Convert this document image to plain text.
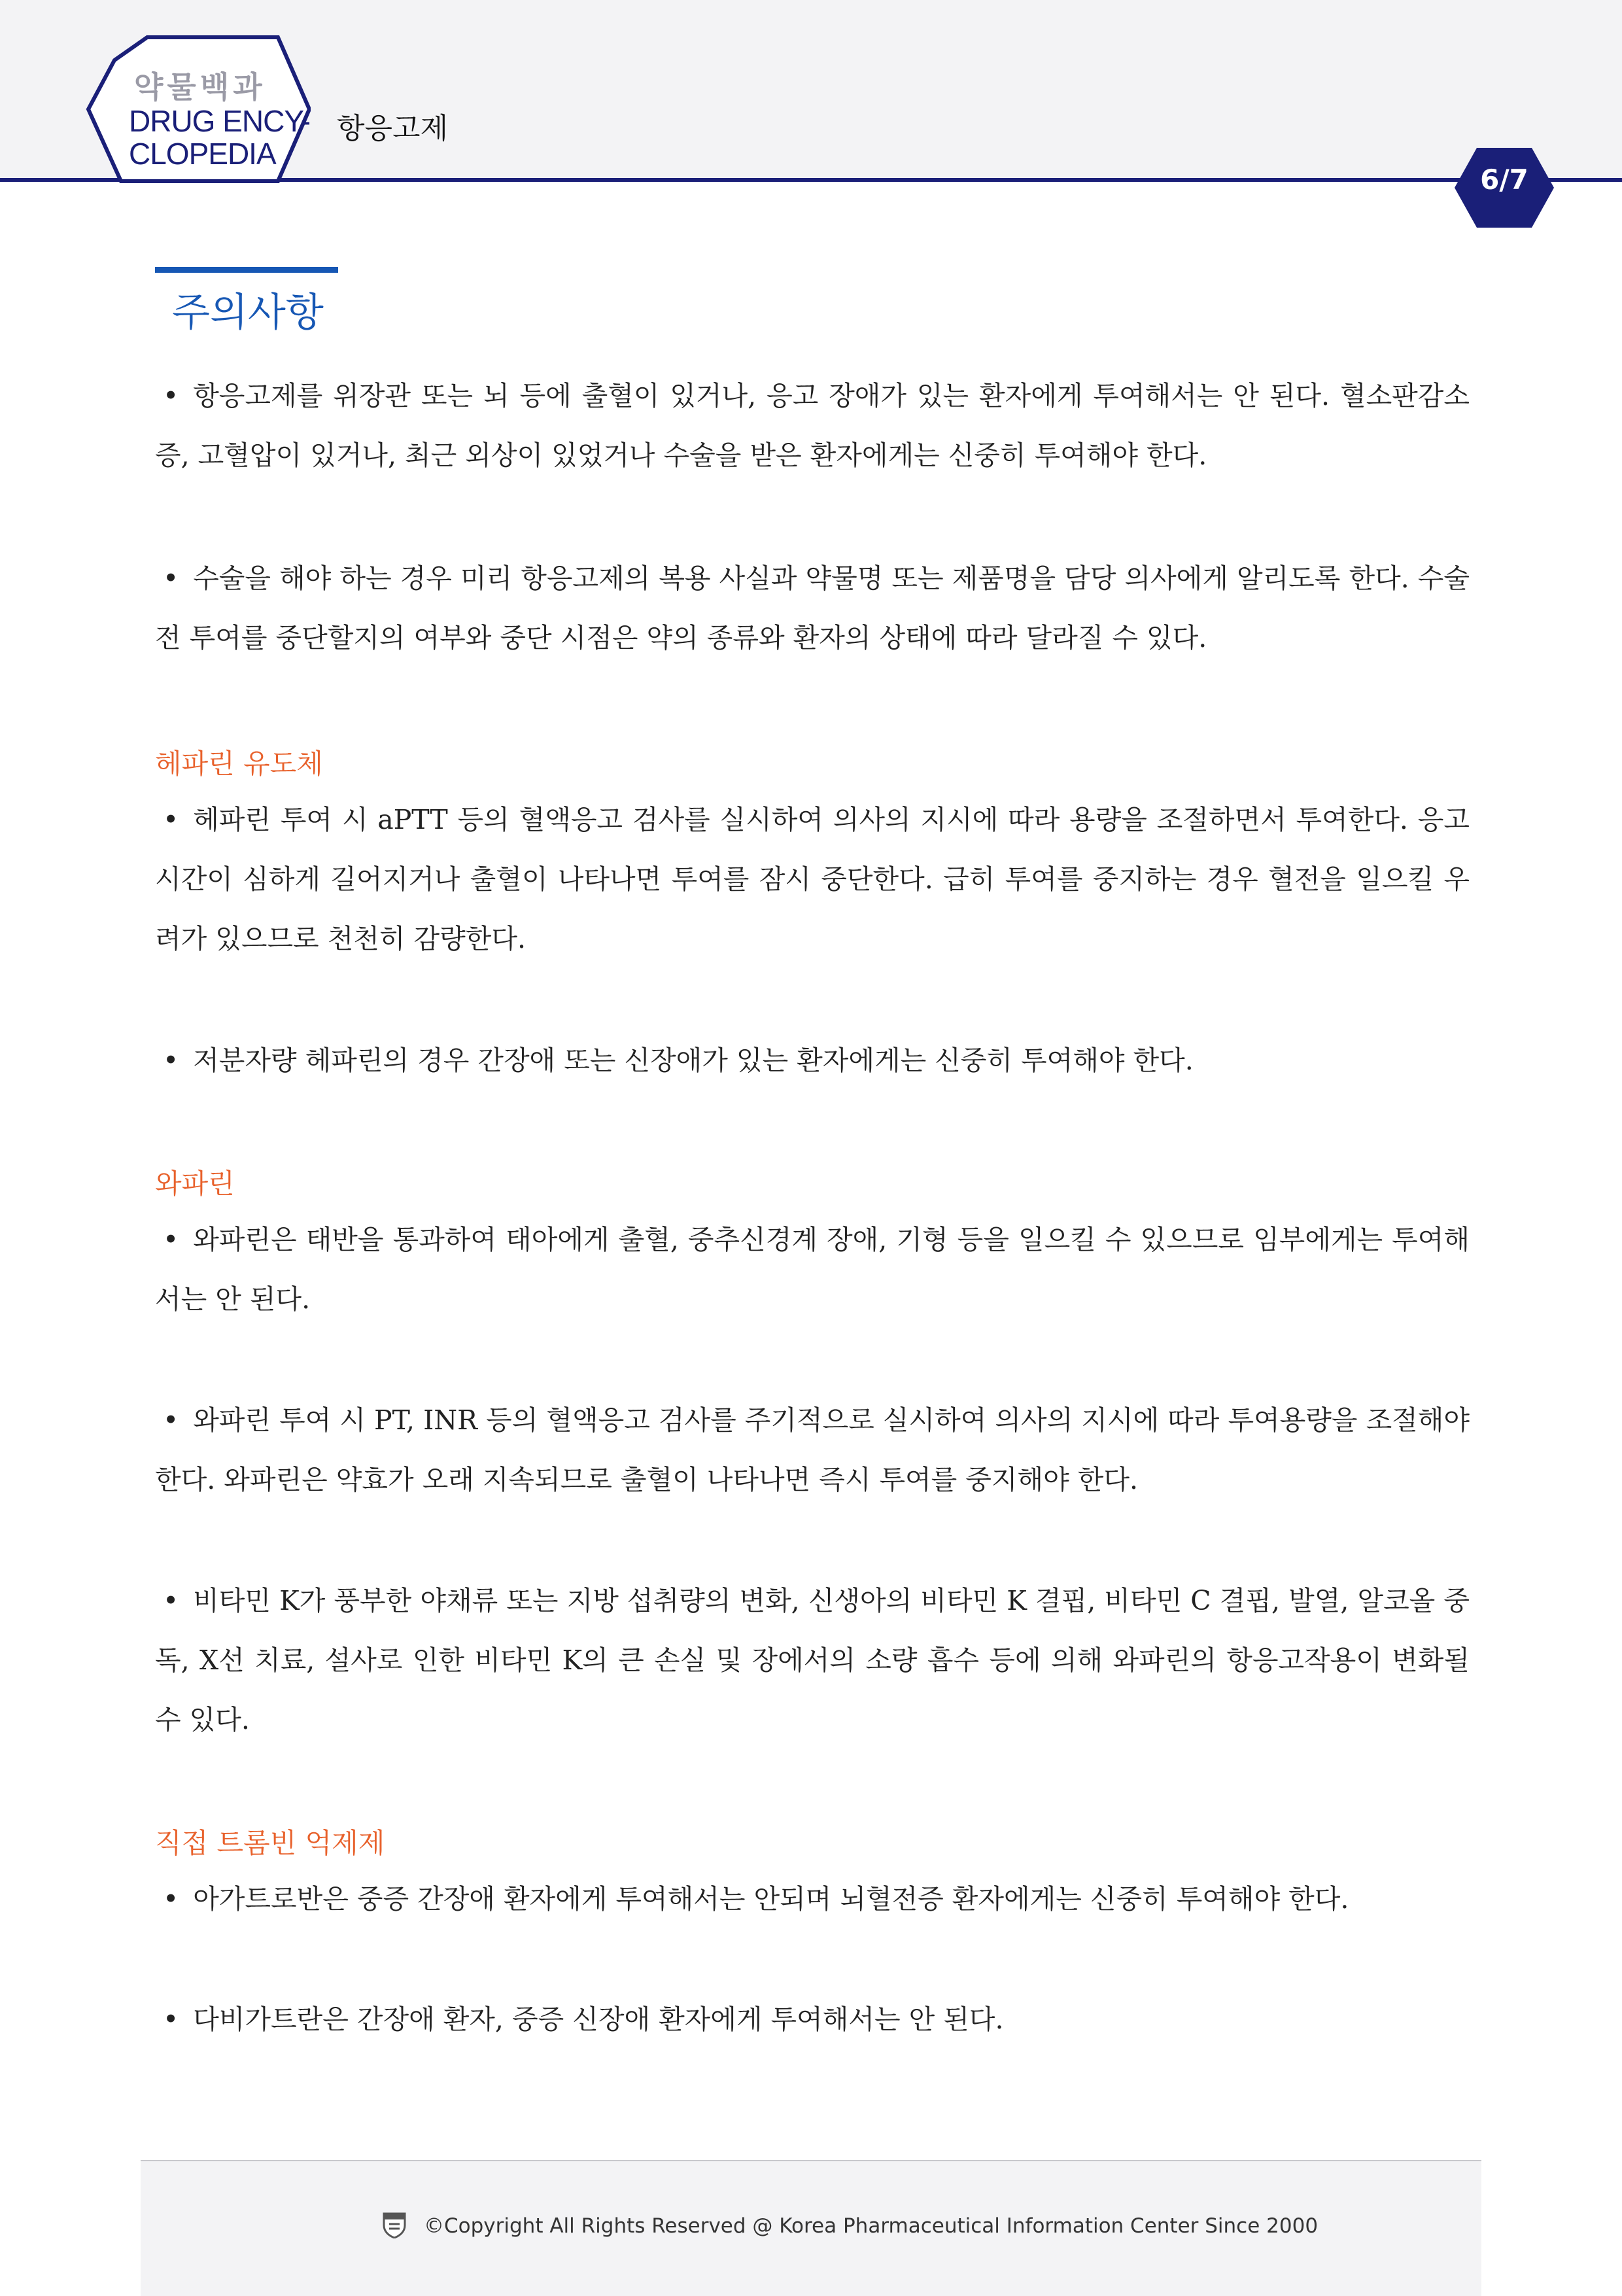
약물백과
DRUG ENCY-
CLOPEDIA
항응고제
6/7
주의사항
• 항응고제를 위장관 또는 뇌 등에 출혈이 있거나, 응고 장애가 있는 환자에게 투여해서는 안 된다. 혈소판감소증, 고혈압이 있거나, 최근 외상이 있었거나 수술을 받은 환자에게는 신중히 투여해야 한다.
• 수술을 해야 하는 경우 미리 항응고제의 복용 사실과 약물명 또는 제품명을 담당 의사에게 알리도록 한다. 수술 전 투여를 중단할지의 여부와 중단 시점은 약의 종류와 환자의 상태에 따라 달라질 수 있다.
헤파린 유도체
• 헤파린 투여 시 aPTT 등의 혈액응고 검사를 실시하여 의사의 지시에 따라 용량을 조절하면서 투여한다. 응고시간이 심하게 길어지거나 출혈이 나타나면 투여를 잠시 중단한다. 급히 투여를 중지하는 경우 혈전을 일으킬 우려가 있으므로 천천히 감량한다.
• 저분자량 헤파린의 경우 간장애 또는 신장애가 있는 환자에게는 신중히 투여해야 한다.
와파린
• 와파린은 태반을 통과하여 태아에게 출혈, 중추신경계 장애, 기형 등을 일으킬 수 있으므로 임부에게는 투여해서는 안 된다.
• 와파린 투여 시 PT, INR 등의 혈액응고 검사를 주기적으로 실시하여 의사의 지시에 따라 투여용량을 조절해야 한다. 와파린은 약효가 오래 지속되므로 출혈이 나타나면 즉시 투여를 중지해야 한다.
• 비타민 K가 풍부한 야채류 또는 지방 섭취량의 변화, 신생아의 비타민 K 결핍, 비타민 C 결핍, 발열, 알코올 중독, X선 치료, 설사로 인한 비타민 K의 큰 손실 및 장에서의 소량 흡수 등에 의해 와파린의 항응고작용이 변화될 수 있다.
직접 트롬빈 억제제
• 아가트로반은 중증 간장애 환자에게 투여해서는 안되며 뇌혈전증 환자에게는 신중히 투여해야 한다.
• 다비가트란은 간장애 환자, 중증 신장애 환자에게 투여해서는 안 된다.
©Copyright All Rights Reserved @ Korea Pharmaceutical Information Center Since 2000
